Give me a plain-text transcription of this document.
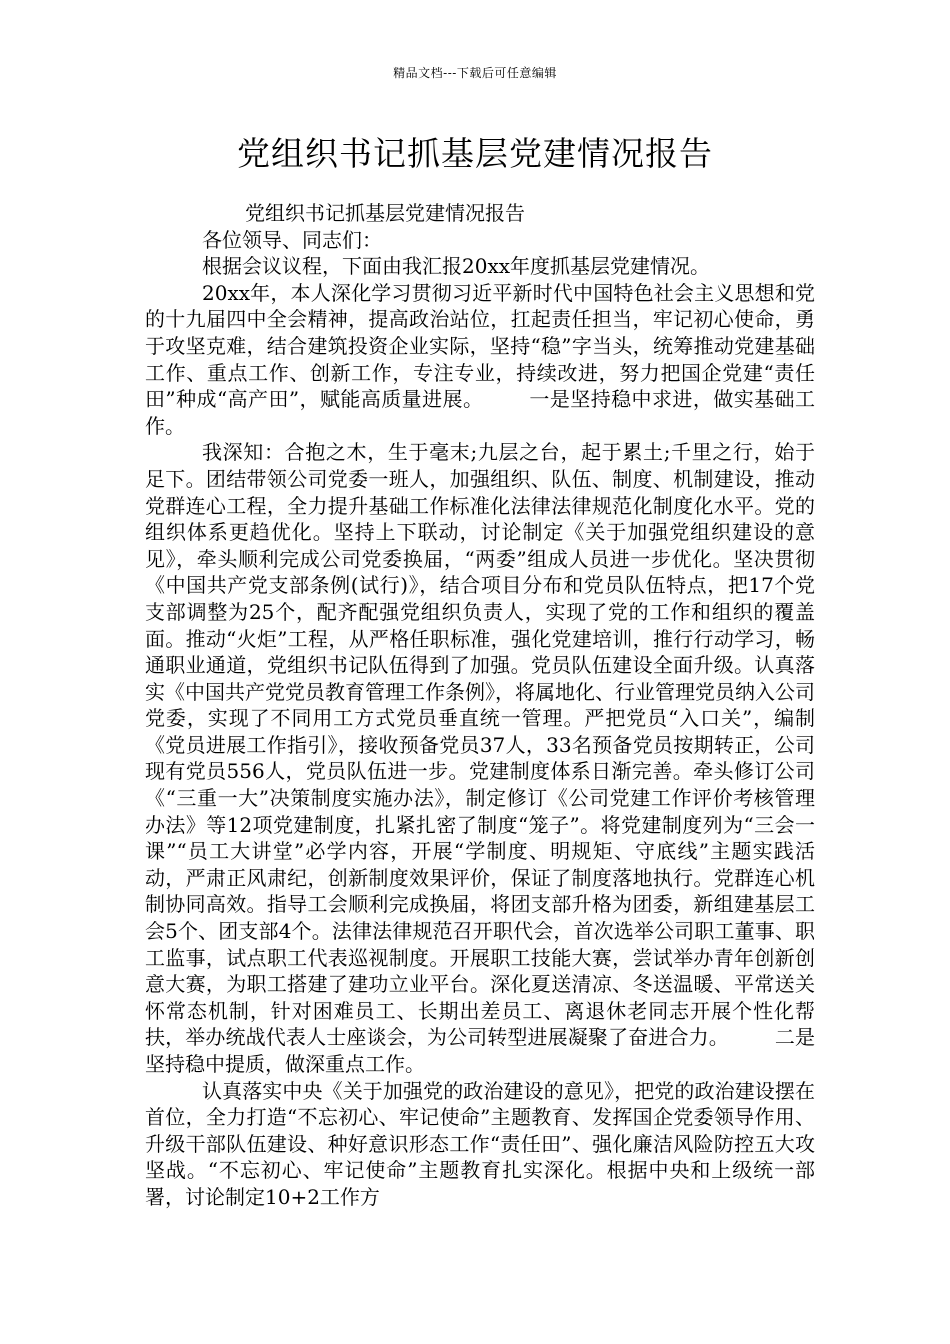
精品文档---下载后可任意编辑
党组织书记抓基层党建情况报告

党组织书记抓基层党建情况报告

各位领导、同志们：

根据会议议程，下面由我汇报20xx年度抓基层党建情况。

20xx年，本人深化学习贯彻习近平新时代中国特色社会主义思想和党的十九届四中全会精神，提高政治站位，扛起责任担当，牢记初心使命，勇于攻坚克难，结合建筑投资企业实际，坚持“稳”字当头，统筹推动党建基础工作、重点工作、创新工作，专注专业，持续改进，努力把国企党建“责任田”种成“高产田”，赋能高质量进展。 一是坚持稳中求进，做实基础工作。

我深知：合抱之木，生于毫末;九层之台，起于累土;千里之行，始于足下。团结带领公司党委一班人，加强组织、队伍、制度、机制建设，推动党群连心工程，全力提升基础工作标准化法律法律规范化制度化水平。党的组织体系更趋优化。坚持上下联动，讨论制定《关于加强党组织建设的意见》，牵头顺利完成公司党委换届，“两委”组成人员进一步优化。坚决贯彻《中国共产党支部条例(试行)》，结合项目分布和党员队伍特点，把17个党支部调整为25个，配齐配强党组织负责人，实现了党的工作和组织的覆盖面。推动“火炬”工程，从严格任职标准，强化党建培训，推行行动学习，畅通职业通道，党组织书记队伍得到了加强。党员队伍建设全面升级。认真落实《中国共产党党员教育管理工作条例》，将属地化、行业管理党员纳入公司党委，实现了不同用工方式党员垂直统一管理。严把党员“入口关”，编制《党员进展工作指引》，接收预备党员37人，33名预备党员按期转正，公司现有党员556人，党员队伍进一步。党建制度体系日渐完善。牵头修订公司《“三重一大”决策制度实施办法》，制定修订《公司党建工作评价考核管理办法》等12项党建制度，扎紧扎密了制度“笼子”。将党建制度列为“三会一课”“员工大讲堂”必学内容，开展“学制度、明规矩、守底线”主题实践活动，严肃正风肃纪，创新制度效果评价，保证了制度落地执行。党群连心机制协同高效。指导工会顺利完成换届，将团支部升格为团委，新组建基层工会5个、团支部4个。法律法律规范召开职代会，首次选举公司职工董事、职工监事，试点职工代表巡视制度。开展职工技能大赛，尝试举办青年创新创意大赛，为职工搭建了建功立业平台。深化夏送清凉、冬送温暖、平常送关怀常态机制，针对困难员工、长期出差员工、离退休老同志开展个性化帮扶，举办统战代表人士座谈会，为公司转型进展凝聚了奋进合力。 二是坚持稳中提质，做深重点工作。

认真落实中央《关于加强党的政治建设的意见》，把党的政治建设摆在首位，全力打造“不忘初心、牢记使命”主题教育、发挥国企党委领导作用、升级干部队伍建设、种好意识形态工作“责任田”、强化廉洁风险防控五大攻坚战。“不忘初心、牢记使命”主题教育扎实深化。根据中央和上级统一部署，讨论制定10+2工作方
